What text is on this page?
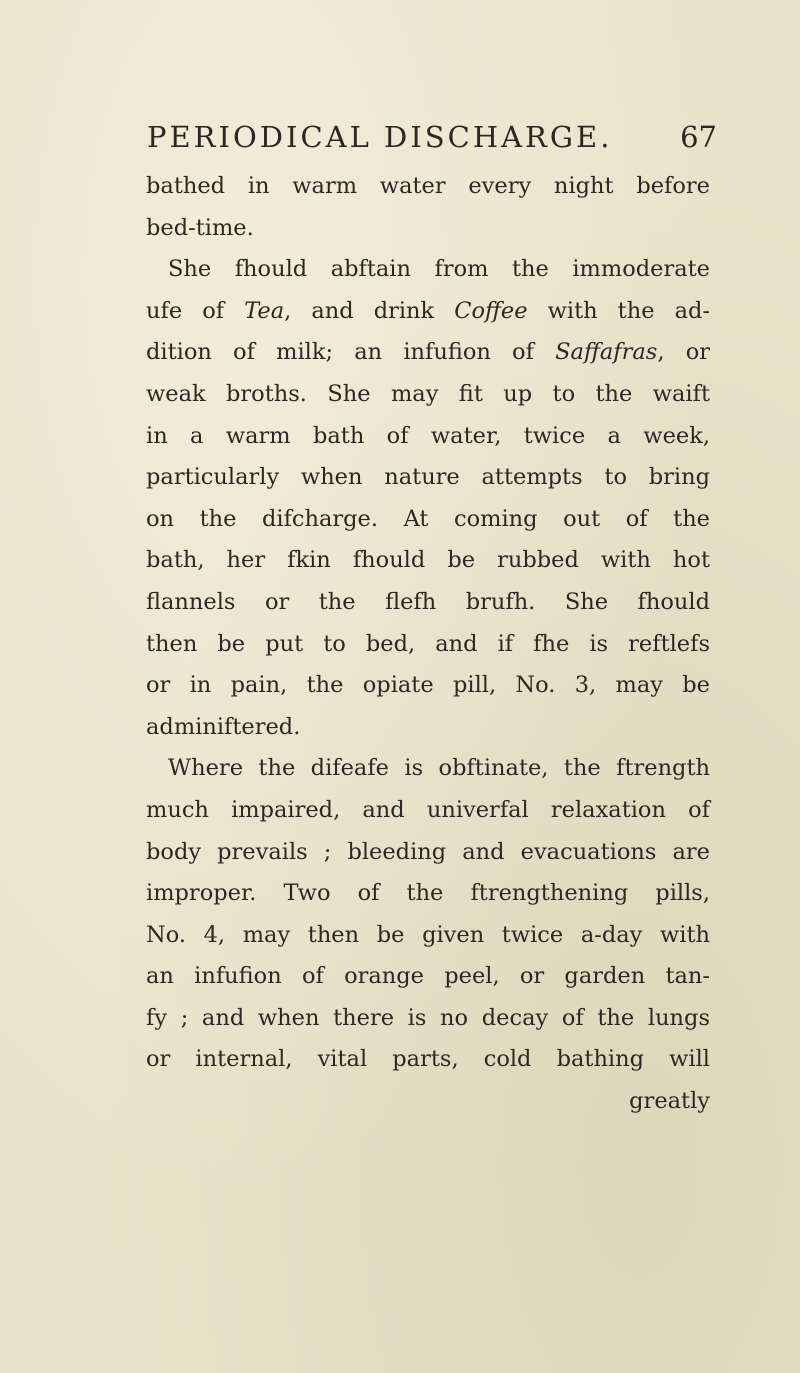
PERIODICAL DISCHARGE. 67
bathed in warm water every night before
bed-time.
She fhould abftain from the immoderate
ufe of Tea, and drink Coffee with the ad-
dition of milk; an infufion of Saffafras, or
weak broths. She may fit up to the waift
in a warm bath of water, twice a week,
particularly when nature attempts to bring
on the difcharge. At coming out of the
bath, her fkin fhould be rubbed with hot
flannels or the flefh brufh. She fhould
then be put to bed, and if fhe is reftlefs
or in pain, the opiate pill, No. 3, may be
adminiftered.
Where the difeafe is obftinate, the ftrength
much impaired, and univerfal relaxation of
body prevails ; bleeding and evacuations are
improper. Two of the ftrengthening pills,
No. 4, may then be given twice a-day with
an infufion of orange peel, or garden tan-
fy ; and when there is no decay of the lungs
or internal, vital parts, cold bathing will
greatly
